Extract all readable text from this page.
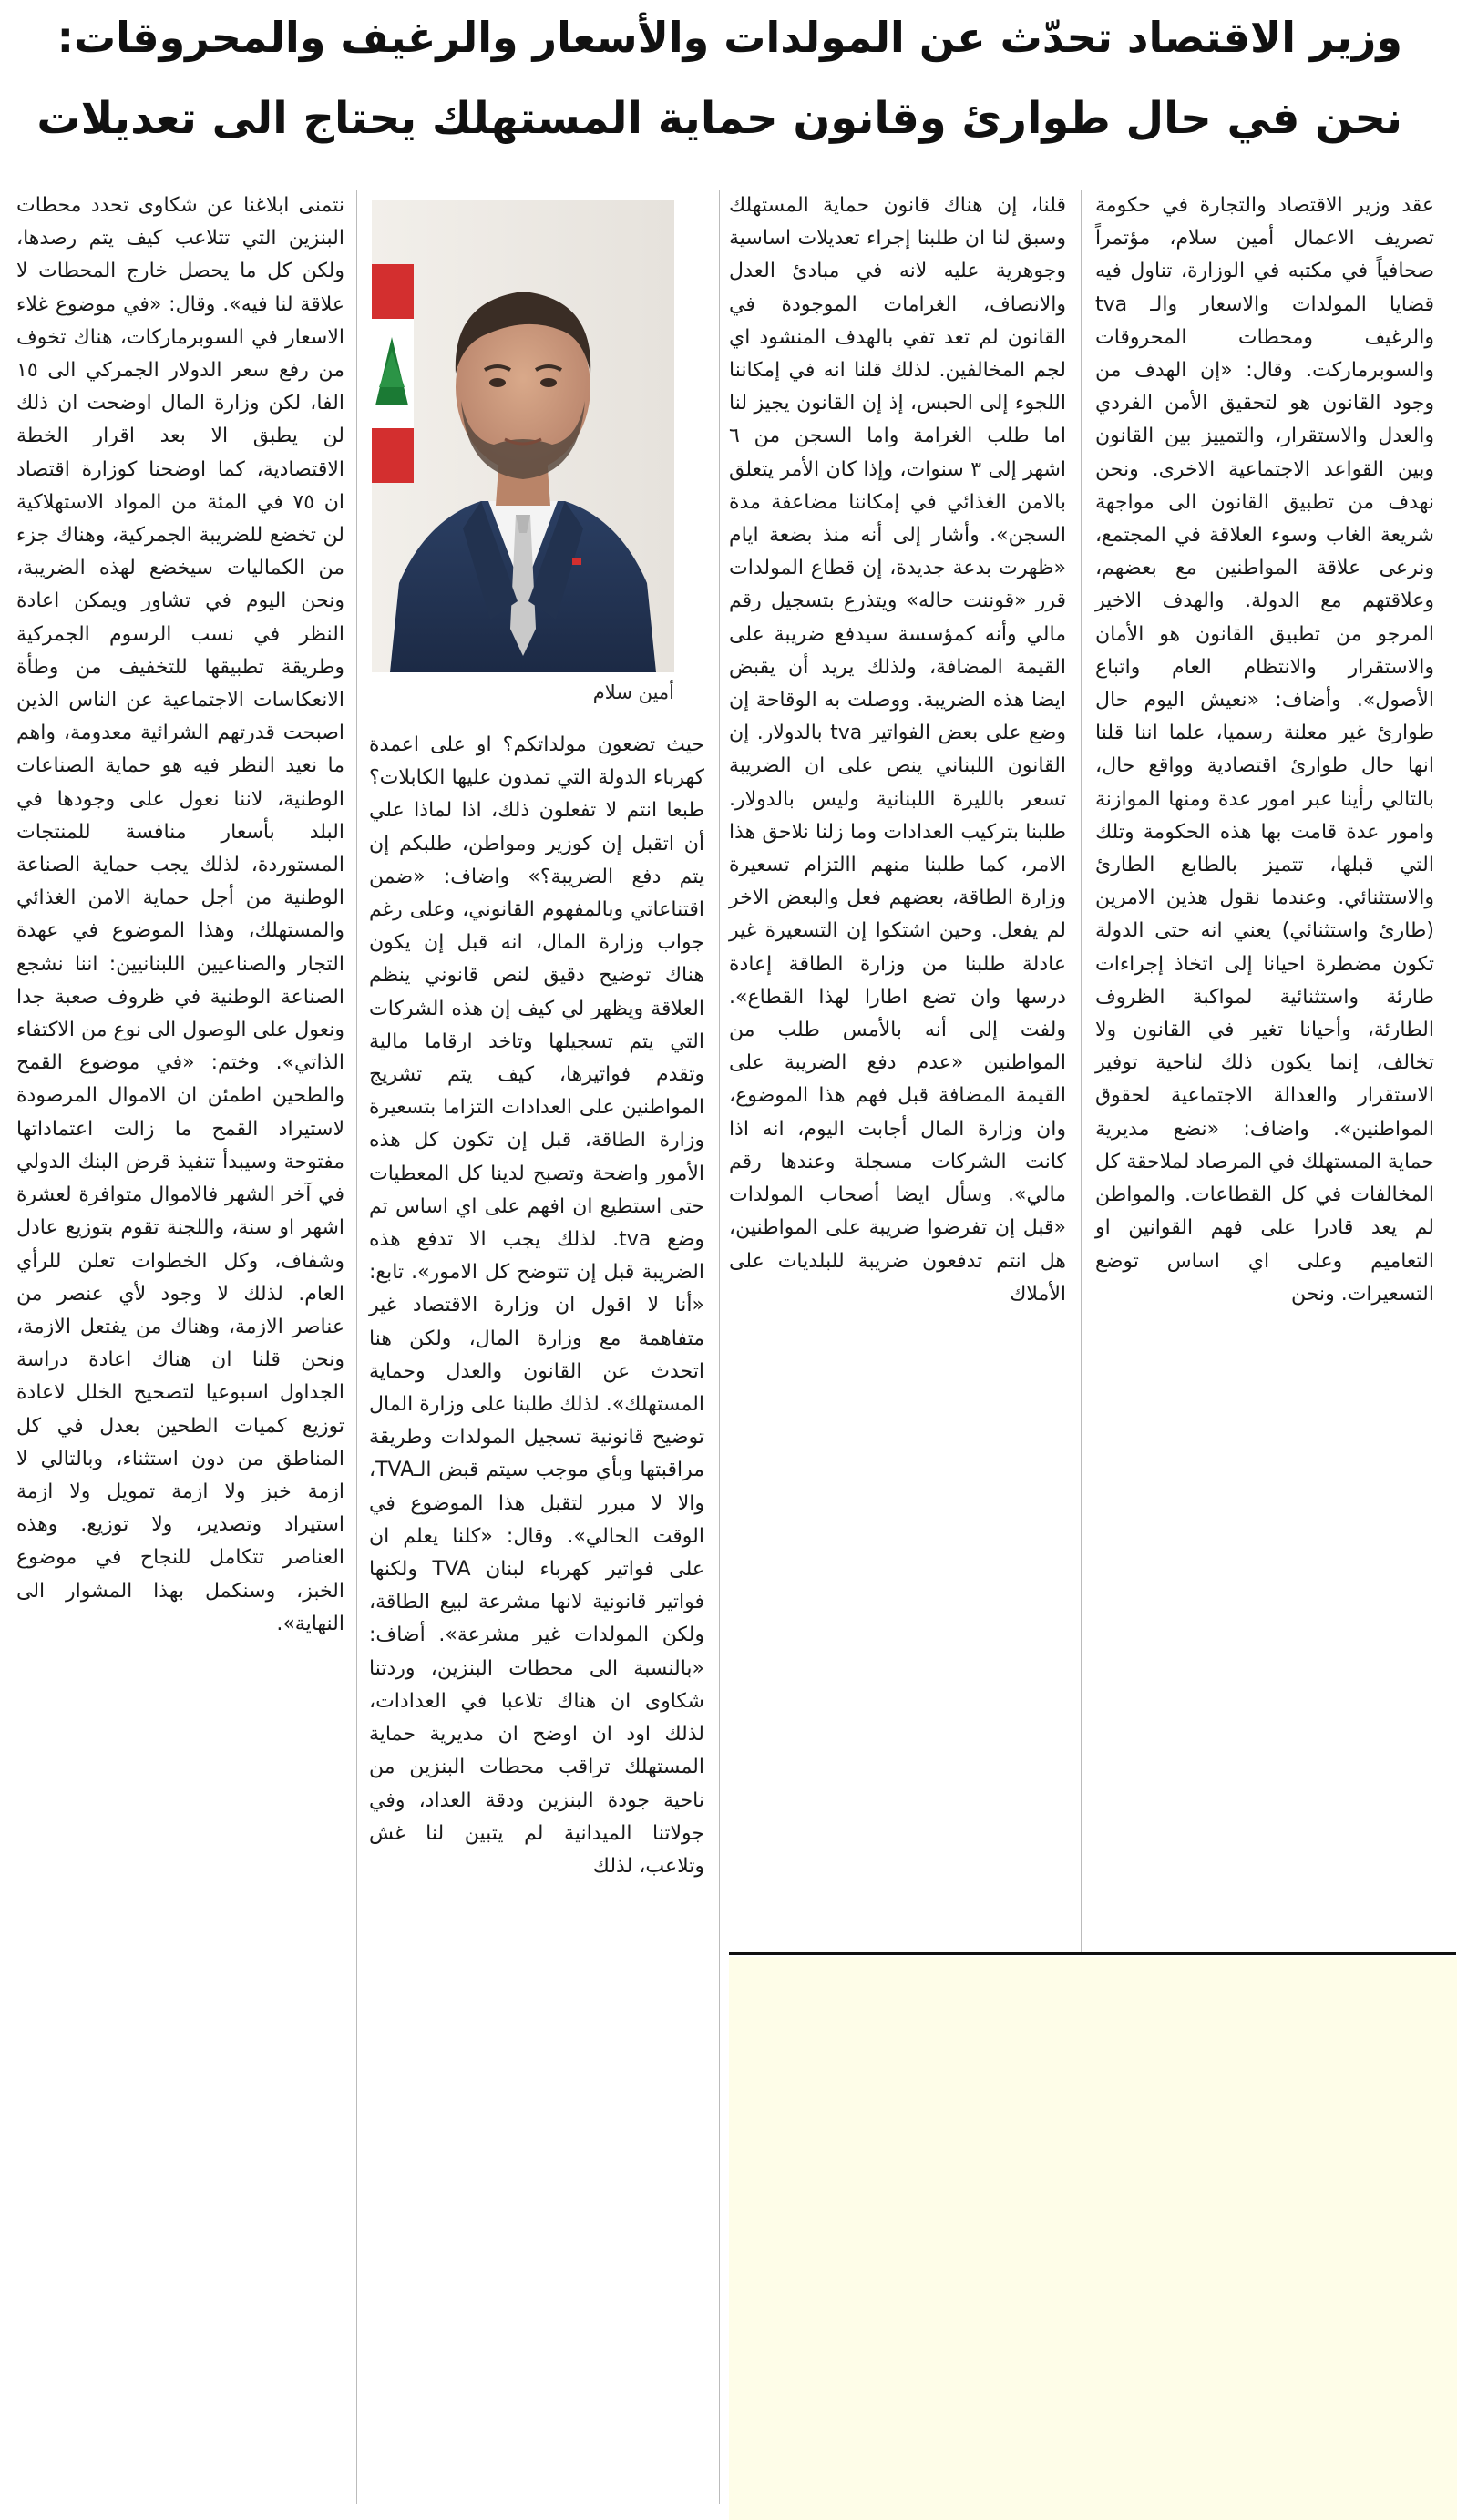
وزير الاقتصاد تحدّث عن المولدات والأسعار والرغيف والمحروقات:
نحن في حال طوارئ وقانون حماية المستهلك يحتاج الى تعديلات

عقد وزير الاقتصاد والتجارة في حكومة تصريف الاعمال أمين سلام، مؤتمراً صحافياً في مكتبه في الوزارة، تناول فيه قضايا المولدات والاسعار والـ tva والرغيف ومحطات المحروقات والسوبرماركت. وقال: «إن الهدف من وجود القانون هو لتحقيق الأمن الفردي والعدل والاستقرار، والتمييز بين القانون وبين القواعد الاجتماعية الاخرى. ونحن نهدف من تطبيق القانون الى مواجهة شريعة الغاب وسوء العلاقة في المجتمع، ونرعى علاقة المواطنين مع بعضهم، وعلاقتهم مع الدولة. والهدف الاخير المرجو من تطبيق القانون هو الأمان والاستقرار والانتظام العام واتباع الأصول». وأضاف: «نعيش اليوم حال طوارئ غير معلنة رسميا، علما اننا قلنا انها حال طوارئ اقتصادية وواقع حال، بالتالي رأينا عبر امور عدة ومنها الموازنة وامور عدة قامت بها هذه الحكومة وتلك التي قبلها، تتميز بالطابع الطارئ والاستثنائي. وعندما نقول هذين الامرين (طارئ واستثنائي) يعني انه حتى الدولة تكون مضطرة احيانا إلى اتخاذ إجراءات طارئة واستثنائية لمواكبة الظروف الطارئة، وأحيانا تغير في القانون ولا تخالف، إنما يكون ذلك لناحية توفير الاستقرار والعدالة الاجتماعية لحقوق المواطنين». واضاف: «نضع مديرية حماية المستهلك في المرصاد لملاحقة كل المخالفات في كل القطاعات. والمواطن لم يعد قادرا على فهم القوانين او التعاميم وعلى اي اساس توضع التسعيرات. ونحن

قلنا، إن هناك قانون حماية المستهلك وسبق لنا ان طلبنا إجراء تعديلات اساسية وجوهرية عليه لانه في مبادئ العدل والانصاف، الغرامات الموجودة في القانون لم تعد تفي بالهدف المنشود اي لجم المخالفين. لذلك قلنا انه في إمكاننا اللجوء إلى الحبس، إذ إن القانون يجيز لنا اما طلب الغرامة واما السجن من ٦ اشهر إلى ٣ سنوات، وإذا كان الأمر يتعلق بالامن الغذائي في إمكاننا مضاعفة مدة السجن». وأشار إلى أنه منذ بضعة ايام «ظهرت بدعة جديدة، إن قطاع المولدات قرر «قوننت حاله» ويتذرع بتسجيل رقم مالي وأنه كمؤسسة سيدفع ضريبة على القيمة المضافة، ولذلك يريد أن يقبض ايضا هذه الضريبة. ووصلت به الوقاحة إن وضع على بعض الفواتير tva بالدولار. إن القانون اللبناني ينص على ان الضريبة تسعر بالليرة اللبنانية وليس بالدولار. طلبنا بتركيب العدادات وما زلنا نلاحق هذا الامر، كما طلبنا منهم االتزام تسعيرة وزارة الطاقة، بعضهم فعل والبعض الاخر لم يفعل. وحين اشتكوا إن التسعيرة غير عادلة طلبنا من وزارة الطاقة إعادة درسها وان تضع اطارا لهذا القطاع». ولفت إلى أنه بالأمس طلب من المواطنين «عدم دفع الضريبة على القيمة المضافة قبل فهم هذا الموضوع، وان وزارة المال أجابت اليوم، انه اذا كانت الشركات مسجلة وعندها رقم مالي». وسأل ايضا أصحاب المولدات «قبل إن تفرضوا ضريبة على المواطنين، هل انتم تدفعون ضريبة للبلديات على الأملاك

حيث تضعون مولداتكم؟ او على اعمدة كهرباء الدولة التي تمدون عليها الكابلات؟ طبعا انتم لا تفعلون ذلك، اذا لماذا علي أن اتقبل إن كوزير ومواطن، طلبكم إن يتم دفع الضريبة؟» واضاف: «ضمن اقتناعاتي وبالمفهوم القانوني، وعلى رغم جواب وزارة المال، انه قبل إن يكون هناك توضيح دقيق لنص قانوني ينظم العلاقة ويظهر لي كيف إن هذه الشركات التي يتم تسجيلها وتاخد ارقاما مالية وتقدم فواتيرها، كيف يتم تشريج المواطنين على العدادات التزاما بتسعيرة وزارة الطاقة، قبل إن تكون كل هذه الأمور واضحة وتصبح لدينا كل المعطيات حتى استطيع ان افهم على اي اساس تم وضع tva. لذلك يجب الا تدفع هذه الضريبة قبل إن تتوضح كل الامور». تابع: «أنا لا اقول ان وزارة الاقتصاد غير متفاهمة مع وزارة المال، ولكن هنا اتحدث عن القانون والعدل وحماية المستهلك». لذلك طلبنا على وزارة المال توضيح قانونية تسجيل المولدات وطريقة مراقبتها وبأي موجب سيتم قبض الـTVA، والا لا مبرر لتقبل هذا الموضوع في الوقت الحالي». وقال: «كلنا يعلم ان على فواتير كهرباء لبنان TVA ولكنها فواتير قانونية لانها مشرعة لبيع الطاقة، ولكن المولدات غير مشرعة». أضاف: «بالنسبة الى محطات البنزين، وردتنا شكاوى ان هناك تلاعبا في العدادات، لذلك اود ان اوضح ان مديرية حماية المستهلك تراقب محطات البنزين من ناحية جودة البنزين ودقة العداد، وفي جولاتنا الميدانية لم يتبين لنا غش وتلاعب، لذلك

نتمنى ابلاغنا عن شكاوى تحدد محطات البنزين التي تتلاعب كيف يتم رصدها، ولكن كل ما يحصل خارج المحطات لا علاقة لنا فيه». وقال: «في موضوع غلاء الاسعار في السوبرماركات، هناك تخوف من رفع سعر الدولار الجمركي الى ١٥ الفا، لكن وزارة المال اوضحت ان ذلك لن يطبق الا بعد اقرار الخطة الاقتصادية، كما اوضحنا كوزارة اقتصاد ان ٧٥ في المئة من المواد الاستهلاكية لن تخضع للضريبة الجمركية، وهناك جزء من الكماليات سيخضع لهذه الضريبة، ونحن اليوم في تشاور ويمكن اعادة النظر في نسب الرسوم الجمركية وطريقة تطبيقها للتخفيف من وطأة الانعكاسات الاجتماعية عن الناس الذين اصبحت قدرتهم الشرائية معدومة، واهم ما نعيد النظر فيه هو حماية الصناعات الوطنية، لاننا نعول على وجودها في البلد بأسعار منافسة للمنتجات المستوردة، لذلك يجب حماية الصناعة الوطنية من أجل حماية الامن الغذائي والمستهلك، وهذا الموضوع في عهدة التجار والصناعيين اللبنانيين: اننا نشجع الصناعة الوطنية في ظروف صعبة جدا ونعول على الوصول الى نوع من الاكتفاء الذاتي». وختم: «في موضوع القمح والطحين اطمئن ان الاموال المرصودة لاستيراد القمح ما زالت اعتماداتها مفتوحة وسيبدأ تنفيذ قرض البنك الدولي في آخر الشهر فالاموال متوافرة لعشرة اشهر او سنة، واللجنة تقوم بتوزيع عادل وشفاف، وكل الخطوات تعلن للرأي العام. لذلك لا وجود لأي عنصر من عناصر الازمة، وهناك من يفتعل الازمة، ونحن قلنا ان هناك اعادة دراسة الجداول اسبوعيا لتصحيح الخلل لاعادة توزيع كميات الطحين بعدل في كل المناطق من دون استثناء، وبالتالي لا ازمة خبز ولا ازمة تمويل ولا ازمة استيراد وتصدير، ولا توزيع. وهذه العناصر تتكامل للنجاح في موضوع الخبز، وسنكمل بهذا المشوار الى النهاية».

أمين سلام
